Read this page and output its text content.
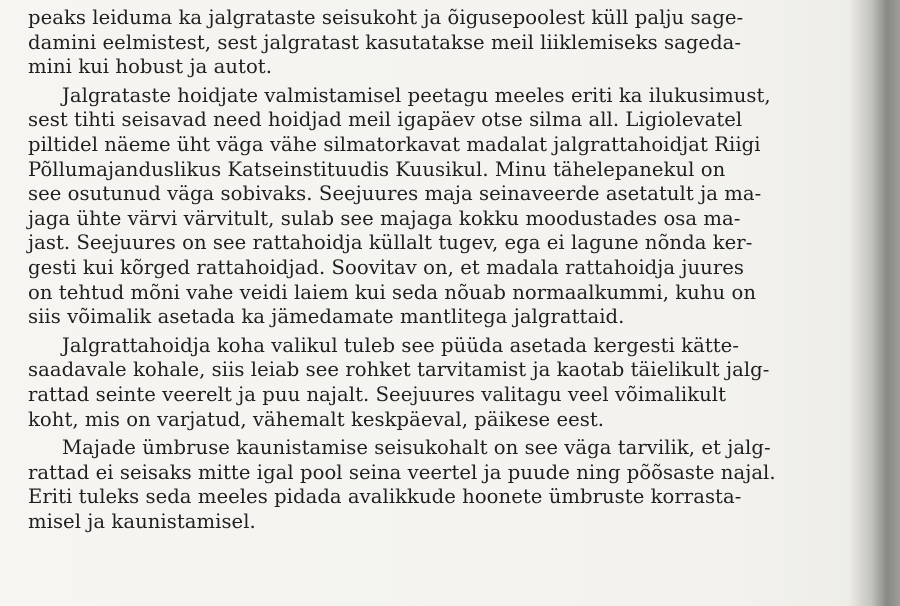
peaks leiduma ka jalgrataste seisukoht ja õigusepoolest küll palju sage-
damini eelmistest, sest jalgratast kasutatakse meil liiklemiseks sageda-
mini kui hobust ja autot.
Jalgrataste hoidjate valmistamisel peetagu meeles eriti ka ilukusimust,
sest tihti seisavad need hoidjad meil igapäev otse silma all. Ligiolevatel
piltidel näeme üht väga vähe silmatorkavat madalat jalgrattahoidjat Riigi
Põllumajanduslikus Katseinstituudis Kuusikul. Minu tähelepanekul on
see osutunud väga sobivaks. Seejuures maja seinaveerde asetatult ja ma-
jaga ühte värvi värvitult, sulab see majaga kokku moodustades osa ma-
jast. Seejuures on see rattahoidja küllalt tugev, ega ei lagune nõnda ker-
gesti kui kõrged rattahoidjad. Soovitav on, et madala rattahoidja juures
on tehtud mõni vahe veidi laiem kui seda nõuab normaalkummi, kuhu on
siis võimalik asetada ka jämedamate mantlitega jalgrattaid.
Jalgrattahoidja koha valikul tuleb see püüda asetada kergesti kätte-
saadavale kohale, siis leiab see rohket tarvitamist ja kaotab täielikult jalg-
rattad seinte veerelt ja puu najalt. Seejuures valitagu veel võimalikult
koht, mis on varjatud, vähemalt keskpäeval, päikese eest.
Majade ümbruse kaunistamise seisukohalt on see väga tarvilik, et jalg-
rattad ei seisaks mitte igal pool seina veertel ja puude ning põõsaste najal.
Eriti tuleks seda meeles pidada avalikkude hoonete ümbruste korrasta-
misel ja kaunistamisel.
